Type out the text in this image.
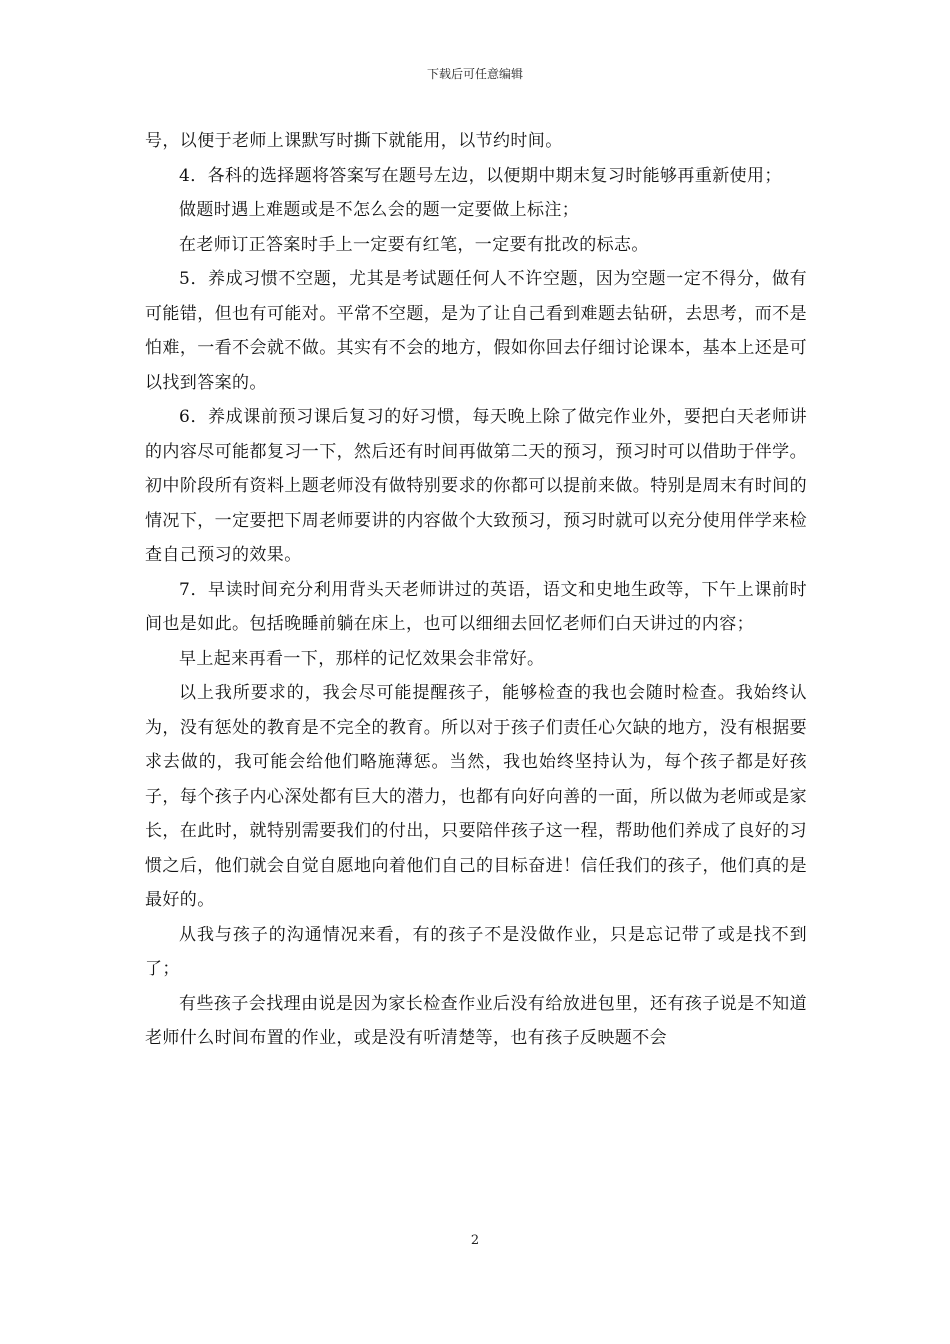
下载后可任意编辑

号，以便于老师上课默写时撕下就能用，以节约时间。

4．各科的选择题将答案写在题号左边，以便期中期末复习时能够再重新使用；

做题时遇上难题或是不怎么会的题一定要做上标注；

在老师订正答案时手上一定要有红笔，一定要有批改的标志。

5．养成习惯不空题，尤其是考试题任何人不许空题，因为空题一定不得分，做有可能错，但也有可能对。平常不空题，是为了让自己看到难题去钻研，去思考，而不是怕难，一看不会就不做。其实有不会的地方，假如你回去仔细讨论课本，基本上还是可以找到答案的。

6．养成课前预习课后复习的好习惯，每天晚上除了做完作业外，要把白天老师讲的内容尽可能都复习一下，然后还有时间再做第二天的预习，预习时可以借助于伴学。初中阶段所有资料上题老师没有做特别要求的你都可以提前来做。特别是周末有时间的情况下，一定要把下周老师要讲的内容做个大致预习，预习时就可以充分使用伴学来检查自己预习的效果。

7．早读时间充分利用背头天老师讲过的英语，语文和史地生政等，下午上课前时间也是如此。包括晚睡前躺在床上，也可以细细去回忆老师们白天讲过的内容；

早上起来再看一下，那样的记忆效果会非常好。

以上我所要求的，我会尽可能提醒孩子，能够检查的我也会随时检查。我始终认为，没有惩处的教育是不完全的教育。所以对于孩子们责任心欠缺的地方，没有根据要求去做的，我可能会给他们略施薄惩。当然，我也始终坚持认为，每个孩子都是好孩子，每个孩子内心深处都有巨大的潜力，也都有向好向善的一面，所以做为老师或是家长，在此时，就特别需要我们的付出，只要陪伴孩子这一程，帮助他们养成了良好的习惯之后，他们就会自觉自愿地向着他们自己的目标奋进！信任我们的孩子，他们真的是最好的。

从我与孩子的沟通情况来看，有的孩子不是没做作业，只是忘记带了或是找不到了；

有些孩子会找理由说是因为家长检查作业后没有给放进包里，还有孩子说是不知道老师什么时间布置的作业，或是没有听清楚等，也有孩子反映题不会

2
